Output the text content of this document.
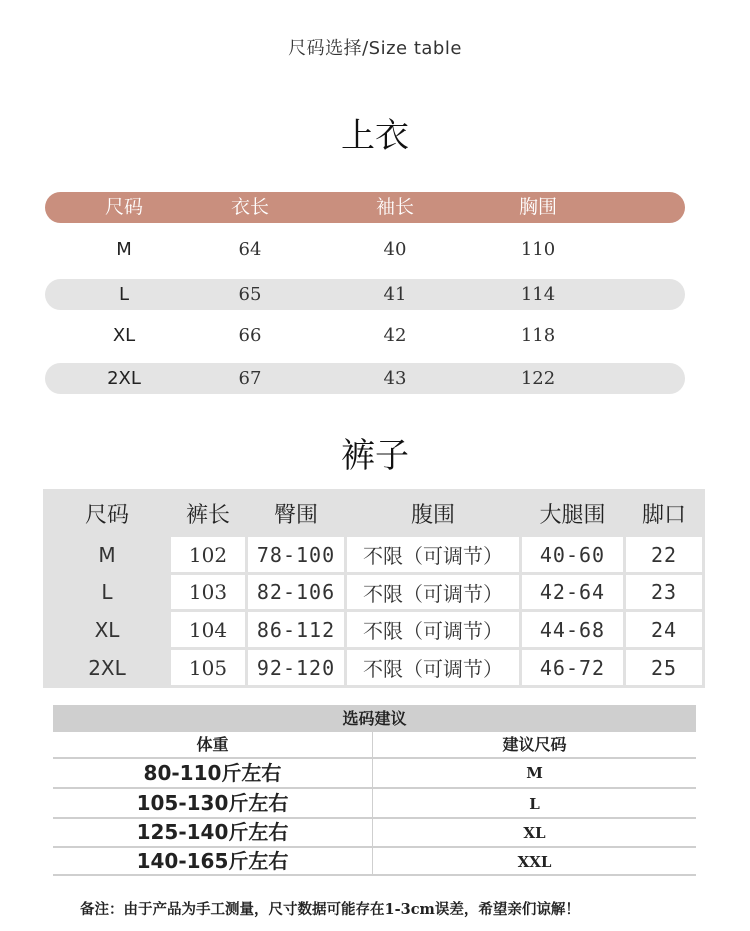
尺码选择/Size table
上衣
尺码	衣长	袖长	胸围
M	64	40	110
L	65	41	114
XL	66	42	118
2XL	67	43	122
裤子
尺码	裤长	臀围	腹围	大腿围	脚口
M	102	78-100	不限（可调节）	40-60	22
L	103	82-106	不限（可调节）	42-64	23
XL	104	86-112	不限（可调节）	44-68	24
2XL	105	92-120	不限（可调节）	46-72	25
选码建议
体重	建议尺码
80-110斤左右	M
105-130斤左右	L
125-140斤左右	XL
140-165斤左右	XXL
备注：由于产品为手工测量，尺寸数据可能存在1-3cm误差，希望亲们谅解！
